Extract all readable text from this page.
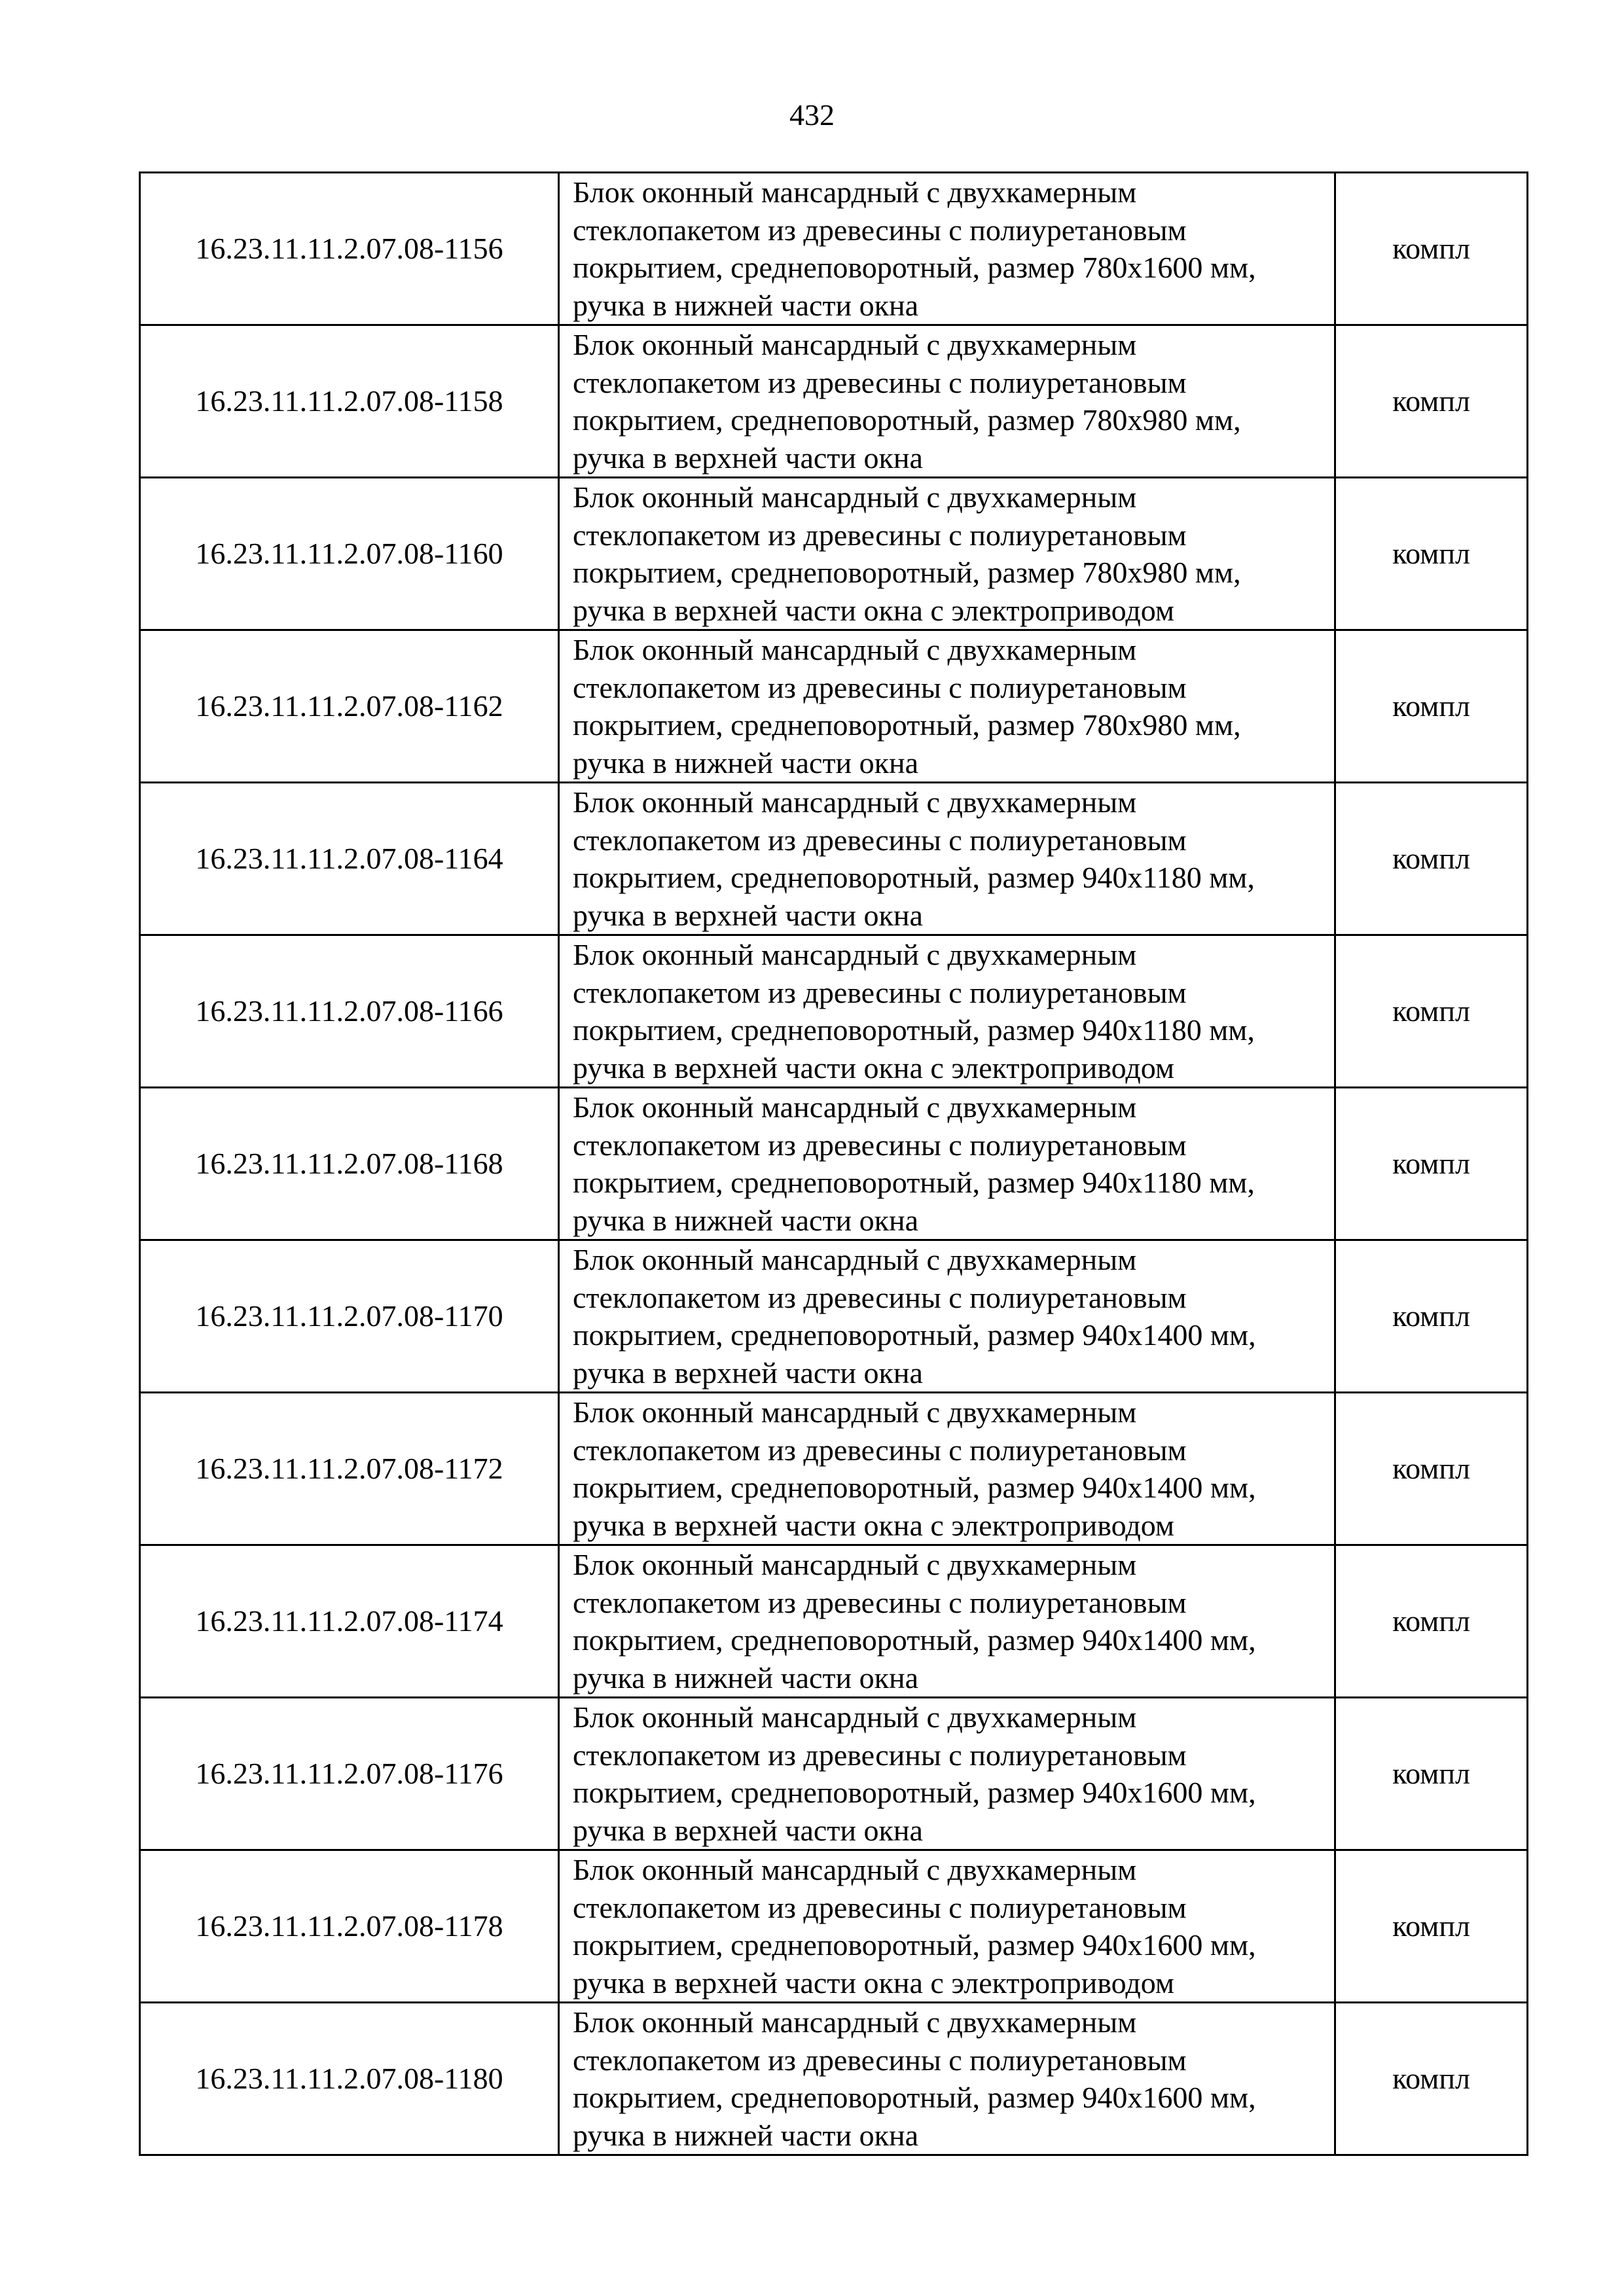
432
16.23.11.11.2.07.08-1156	Блок оконный мансардный с двухкамерным
стеклопакетом из древесины с полиуретановым
покрытием, среднеповоротный, размер 780х1600 мм,
ручка в нижней части окна	компл
16.23.11.11.2.07.08-1158	Блок оконный мансардный с двухкамерным
стеклопакетом из древесины с полиуретановым
покрытием, среднеповоротный, размер 780х980 мм,
ручка в верхней части окна	компл
16.23.11.11.2.07.08-1160	Блок оконный мансардный с двухкамерным
стеклопакетом из древесины с полиуретановым
покрытием, среднеповоротный, размер 780х980 мм,
ручка в верхней части окна с электроприводом	компл
16.23.11.11.2.07.08-1162	Блок оконный мансардный с двухкамерным
стеклопакетом из древесины с полиуретановым
покрытием, среднеповоротный, размер 780х980 мм,
ручка в нижней части окна	компл
16.23.11.11.2.07.08-1164	Блок оконный мансардный с двухкамерным
стеклопакетом из древесины с полиуретановым
покрытием, среднеповоротный, размер 940х1180 мм,
ручка в верхней части окна	компл
16.23.11.11.2.07.08-1166	Блок оконный мансардный с двухкамерным
стеклопакетом из древесины с полиуретановым
покрытием, среднеповоротный, размер 940х1180 мм,
ручка в верхней части окна с электроприводом	компл
16.23.11.11.2.07.08-1168	Блок оконный мансардный с двухкамерным
стеклопакетом из древесины с полиуретановым
покрытием, среднеповоротный, размер 940х1180 мм,
ручка в нижней части окна	компл
16.23.11.11.2.07.08-1170	Блок оконный мансардный с двухкамерным
стеклопакетом из древесины с полиуретановым
покрытием, среднеповоротный, размер 940х1400 мм,
ручка в верхней части окна	компл
16.23.11.11.2.07.08-1172	Блок оконный мансардный с двухкамерным
стеклопакетом из древесины с полиуретановым
покрытием, среднеповоротный, размер 940х1400 мм,
ручка в верхней части окна с электроприводом	компл
16.23.11.11.2.07.08-1174	Блок оконный мансардный с двухкамерным
стеклопакетом из древесины с полиуретановым
покрытием, среднеповоротный, размер 940х1400 мм,
ручка в нижней части окна	компл
16.23.11.11.2.07.08-1176	Блок оконный мансардный с двухкамерным
стеклопакетом из древесины с полиуретановым
покрытием, среднеповоротный, размер 940х1600 мм,
ручка в верхней части окна	компл
16.23.11.11.2.07.08-1178	Блок оконный мансардный с двухкамерным
стеклопакетом из древесины с полиуретановым
покрытием, среднеповоротный, размер 940х1600 мм,
ручка в верхней части окна с электроприводом	компл
16.23.11.11.2.07.08-1180	Блок оконный мансардный с двухкамерным
стеклопакетом из древесины с полиуретановым
покрытием, среднеповоротный, размер 940х1600 мм,
ручка в нижней части окна	компл
